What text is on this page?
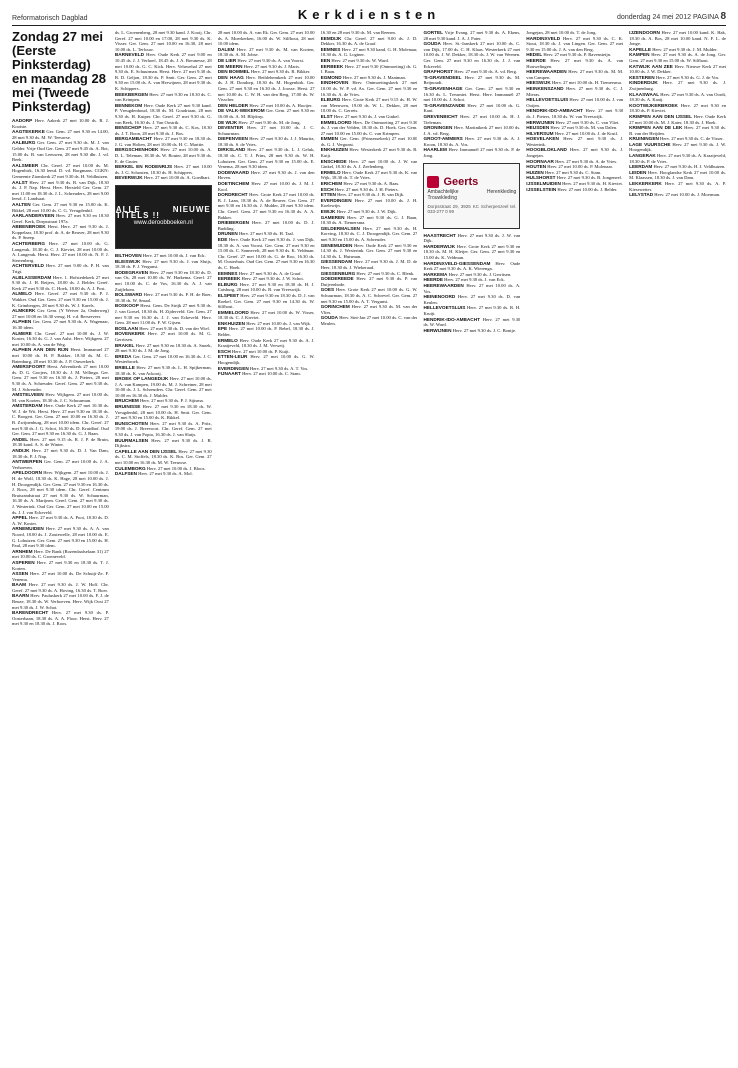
Reformatorisch Dagblad	Kerkdiensten	donderdag 24 mei 2012 PAGINA 8
Zondag 27 mei (Eerste Pinksterdag) en maandag 28 mei (Tweede Pinksterdag)

AADORP Herv. Aakerk 27 mei 10.00 ds. R. J. Kooiste.

AAGTEKERKE Ger. Gem. 27 mei 9.30 en 14.00, 28 mei 9.30 ds. M. W. Teeuwse.

AALBURG Ger. Gem. 27 mei 9.30 ds. M. J. van Gelder. Vrije Oud Ger. Gem. 27 mei 9.45 ds. A. Bot, 15.00 ds. B. van Leeuwen, 28 mei 9.30 dhr. J. vd. Beek.

AALSMEER Chr. Geref. 27 mei 10.00 ds. M. Hogenbirk, 16.30 leesd. D. vd. Borgmans. CGKN: Gemeente Zionskerk 27 mei 9.30 ds. H. Veldhuizen.

AALST Herv. 27 mei 9.30 ds. B. van Dijk, 18.30 ds. J. P. Nap. Herst. Herv. Hersteld Ger. Gem. 27 mei 11.00 en 18.30 ds. J. L. Schreuders, 28 mei 9.00 leesd. J. Landsaat.

AALTEN Ger. Gem. 27 mei 9.30 en 15.00 ds. K. Bikkel, 28 mei 10.00 ds. C. G. Vreugdenhil.

AARLANDERVEEN Herv. 27 mei 9.30 en 18.30 Geref. Kerk, Dorpsstraat 197a.

ABBENBROEK Herst. Herv. 27 mei 9.30 ds. J. Koppelaar, 18.30 prof. dr. A. de Reuver, 28 mei 9.30 ds. P. Sneep.

ACHTERBERG Herv. 27 mei 10.00 ds. G. Langerak, 18.30 dr. C. J. Kieviet, 28 mei 10.00 ds. A. Langerak. Herst. Herv. 27 mei 10.00 ds. N. F. J. Sterrenberg.

ACHTERVELD Herv. 27 mei 9.00 ds. P. H. van Trigt.

ALBLASSERDAM Herv. 1. Hofstedekerk 27 mei 9.30 ds. J. H. Reijers, 18.00 ds. J. Belder. Geref. Kerk 27 mei 9.30 ds. C. Hoek, 18.00 ds. A. J. Post.

ALMELO Herv. Geref. 27 mei 9.30 ds. P. J. Wakker. Oud Ger. Gem. 27 mei 9.30 en 15.00 ds. J. K. Grimbergen, 28 mei 9.30 ds. W. J. Karels.

ALMKERK Ger. Gem. (Y Wetver 2a, Onderweg) 27 mei 10.00 en 16.30 vreug. H. v.d. Berserveer.

ALPHEN Ger. Gem. 27 mei 9.30 ds. A. Wagenaar, 16.30 idem.

ALMERE Chr. Geref. 27 mei 10.00 ds. J. W. Koster, 16.30 ds. G. J. van Aalst. Herv. Wijkgem. 27 mei 10.00 ds. A. van de Weg.

ALPHEN AAN DEN RIJN Herst. Immanuel 27 mei 10.00 ds. H. P. Bakker, 18.30 ds. M. C. Batenburg, 28 mei 10.30 ds. J. P. Ouwerkerk.

AMERSFOORT Herst. Adventkerk 27 mei 10.00 ds. D. G. Goojers, 18.30 ds. J. M. Vellinga. Ger. Gem. 27 mei 9.30 en 16.30 ds. J. Pieters, 28 mei 9.30 ds. A. Schreuder. Geref. Gem. 27 mei 9.30 ds. M. J. Schreuder.

AMSTELVEEN Herv. Wijkgem. 27 mei 10.00 ds. M. van Kooten, 18.30 ds. J. C. Schuurman.

AMSTERDAM Herv. Oude Kerk 27 mei 10.30 ds. W. J. de Wit. Herst. Herv. 27 mei 9.30 en 18.30 ds. C. Boogert. Ger. Gem. 27 mei 10.00 en 16.30 ds. J. B. Zwijnenburg, 28 mei 10.00 idem. Chr. Geref. 27 mei 9.30 ds. J. G. Schot, 16.30 ds. D. Kruidhof. Oud Ger. Gem. 27 mei 9.30 en 16.30 ds. G. J. Baan.

ANDEL Herv. 27 mei 9.15 ds. R. J. P. de Bruin, 18.30 kand. A. S. de Winter.

ANDIJK Herv. 27 mei 9.30 ds. D. J. Van Dam, 18.30 ds. P. J. Nap.

ANTWERPEN Ger. Gem. 27 mei 10.00 ds. J. A. Verhoeven.

APELDOORN Herv. Wijkgem. 27 mei 10.00 ds. J. H. de Wolf, 18.30 ds. K. Hage, 28 mei 10.00 ds. J. H. Droogendijk. Ger. Gem. 27 mei 9.30 en 16.30 ds. J. Roos, 28 mei 9.30 idem. Chr. Geref. Centrum Bruisrandstraat 27 mei 9.30 ds. W. Schuurman, 16.30 ds. A. Marijnen. Geref. Gem. 27 mei 9.30 ds. J. Westerink. Oud Ger. Gem. 27 mei 10.00 en 15.00 ds. J. J. van Eckeveld.

APPEL Herv. 27 mei 9.30 ds. A. Poot, 18.30 ds. D. A. W. Koster.

ARNEMUIDEN Herv. 27 mei 9.30 ds. A. A. van Noord, 18.00 ds. J. Zoutewelle, 28 mei 10.00 ds. E. G. Lohuizen. Ger. Gem. 27 mei 9.30 en 15.00 ds. H. Paul, 28 mei 9.30 idem.

ARNHEM Herv. De Rank (Rozendaalselaan 31) 27 mei 10.00 ds. C. Groeneveld.

ASPEREN Herv. 27 mei 9.30 en 18.30 ds. T. J. Korten.

ASSEN Herv. 27 mei 10.00 ds. De Schuijt-Ze. F. Venema.

BAAM Herv. 27 mei 9.30 ds. J. W. Hoff. Chr. Geref. 27 mei 9.30 ds. A. Hoving, 16.30 ds. T. Boer.

BAARN Herv. Pauluskerk 27 mei 10.00 ds. F. J. de Beuze, 18.30 ds. W. Verhoeven. Herv. Wijk Oost 27 mei 9.30 ds. J. W. Schot.

BARENDRECHT Herv. 27 mei 9.30 ds. P. Oosterbaan, 18.30 ds. A. A. Floor. Herst. Herv. 27 mei 9.30 en 18.30 ds. J. Roos.

ds. L. Groenenberg, 28 mei 9.30 kand. J. Kooij. Chr. Geref. 27 mei 10.00 en 17.00, 28 mei 9.30 ds. K. Visser. Ger. Gem. 27 mei 10.00 en 16.30, 28 mei 10.00 ds. L. Terlouw.

BARNEVELD Herv. Oude Kerk 27 mei 9.00 en 10.45 ds. J. J. Verhoef, 18.45 ds. J. A. Breunesse, 28 mei 10.00 ds. G. C. Kick. Herv. Veluwehal 27 mei 9.30 ds. E. Schuurman. Herst. Herv. 27 mei 9.30 ds. B. D. Geljon, 18.30 ds. P. Smit. Ger. Gem. 27 mei 9.30 en 15.00 ds. A. van Herwijnen, 28 mei 9.30 ds. K. Schippers.

BEEKBERGEN Herv. 27 mei 9.30 en 18.30 ds. C. van Krimpen.

BENNEKOM Herv. Oude Kerk 27 mei 9.30 kand. P. Vreugdenhoud, 18.30 ds. M. Goudriaan, 28 mei 9.30 ds. H. Kuiper. Chr. Geref. 27 mei 9.30 ds. G. van Beek, 16.30 ds. J. Van Oostrik.

BENSCHOP Herv. 27 mei 9.30 ds. C. Kos, 18.30 ds. J. T. Boon, 28 mei 9.30 ds. J. Bos.

BERGAMBACHT Herv. 27 mei 9.30 en 18.30 ds. J. G. van Holten, 28 mei 10.00 ds. H. C. Marttie.

BERGSCHENHOEK Herv. 27 mei 10.00 ds. A. D. L. Teleman, 18.30 ds. W. Bouter, 28 mei 9.30 ds. E. de Gruter.

BERKEL EN RODENRIJS Herv. 27 mei 10.00 ds. J. G. Schouten, 18.30 ds. H. Schippers.

BEVERWIJK Herv. 27 mei 10.00 ds. A. Goedhart.

ALLE NIEUWE TITELS !!
www.deroobboeken.nl

BILTHOVEN Herv. 27 mei 10.00 ds. J. van Eck.

BLEISWIJK Herv. 27 mei 9.30 ds. J. van Sluijs, 18.30 ds. P. J. Vergunst.

BODEGRAVEN Herv. 27 mei 9.30 en 18.30 ds. D. van Os, 28 mei 10.00 ds. W. Harkema. Geref. 27 mei 10.00 ds. C. de Vos, 16.30 ds. A. J. van Zuijlekom.

BOLSWARD Herv. 27 mei 9.30 ds. P. H. de Boer, 18.30 ds. W. Smaal.

BOSKOOP Herst. Gem. De Strijk 27 mei 9.30 ds. J. van Gorsel, 18.30 ds. H. Zijderveld. Ger. Gem. 27 mei 9.30 en 16.30 ds. J. J. van Eckeveld. Herv. Gem. 28 mei 11.00 ds. F. W. Gijsen.

BOSLAAN Herv. 27 mei 9.30 ds. D. van der Wiel.

BOVENKERK Herv. 27 mei 10.00 ds. M. G. Gerritsen.

BRAKEL Herv. 27 mei 9.30 en 18.30 ds. A. Snoek, 28 mei 9.30 ds. J. M. de Jong.

BREDA Ger. Gem. 27 mei 10.00 en 16.30 ds. J. C. Westerbroek.

BRIELLE Herv. 27 mei 9.30 ds. L. H. Spijkerman, 18.30 ds. K. van Ackooij.

BROEK OP LANGEDIJK Herv. 27 mei 10.00 ds. J. A. van Kampen, 19.00 ds. M. J. Schreiner, 28 mei 10.00 ds. J. L. Schreuders. Chr. Geref. Gem. 27 mei 10.00 en 16.30 ds. J. Mulder.

BRUCHEM Herv. 27 mei 9.30 ds. P. J. Sijtsma.

BRUINISSE Herv. 27 mei 9.30 en 18.30 ds. W. Vreugdenhil, 28 mei 10.00 ds. H. Smit. Ger. Gem. 27 mei 9.30 en 15.00 ds. K. Bikkel.

BUNSCHOTEN Herv. 27 mei 9.30 ds. A. Pritz, 19.00 ds. J. Breevoort. Chr. Geref. Gem. 27 mei 9.30 ds. J. van Popta, 16.30 ds. J. van Sluijs.

BUURMALSEN Herv. 27 mei 9.30 ds. J. B. Dijkstra.

CAPELLE AAN DEN IJSSEL Herv. 27 mei 9.30 ds. C. M. Stoffels, 18.30 ds. K. Bos. Ger. Gem. 27 mei 10.00 en 16.30 ds. M. W. Teeuwse.

CULEMBORG Herv. 27 mei 10.00 ds. J. Bloos.

DALFSEN Herv. 27 mei 9.30 ds. A. Mol.

28 mei 10.00 ds. A. van Ek. Ger. Gem. 27 mei 10.00 ds. A. Moerkerken, 16.00 ds. W. Silfhout, 28 mei 10.00 idem.

DALEM Herv. 27 mei 9.30 ds. M. van Kooten, 18.30 ds. A. M. Jobse.

DE LIER Herv. 27 mei 9.30 ds. A. van Voorst.

DE MEERN Herv. 27 mei 9.30 ds. J. Maris.

DEN BOMMEL Herv. 27 mei 9.30 ds. R. Bikker.

DEN HAAG Herv. Bethlehemkerk 27 mei 10.00 ds. J. H. Dondorp, 18.30 ds. M. Hogenbirk. Ger. Gem. 27 mei 9.30 en 16.30 ds. J. Joosse. Herst. 27 mei 10.00 ds. C. W. H. van den Berg, 17.00 ds. W. Visscher.

DEN HELDER Herv. 27 mei 10.00 ds. A. Hooijer.

DE VALK-WEKEROM Ger. Gem. 27 mei 9.30 en 16.00 ds. A. M. Blijdorp.

DE WIJK Herv. 27 mei 9.30 ds. M. de Jong.

DEVENTER Herv. 27 mei 10.00 ds. J. C. Schuurman.

DIEPENVEEN Herv. 27 mei 9.30 ds. J. J. Mauritz, 18.30 ds. S. de Vries.

DIRKSLAND Herv. 27 mei 9.30 ds. L. J. Geluk, 18.30 ds. C. T. J. Prins, 28 mei 9.30 ds. W. H. Lohuizen. Ger. Gem. 27 mei 9.30 en 15.00 ds. E. Venema, 28 mei 9.30 idem.

DODEWAARD Herv. 27 mei 9.30 ds. J. van den Hoven.

DOETINCHEM Herv. 27 mei 10.00 ds. J. M. J. Kool.

DORDRECHT Herv. Grote Kerk 27 mei 10.00 ds. B. J. Laan, 18.30 ds. A. de Reuver. Ger. Gem. 27 mei 9.30 en 16.30 ds. J. Mulder, 28 mei 9.30 idem. Chr. Geref. Gem. 27 mei 9.30 en 16.30 ds. A. A. Bakker.

DRIEBERGEN Herv. 27 mei 10.00 ds. D. J. Budding.

DRUNEN Herv. 27 mei 9.30 ds. H. Taal.

EDE Herv. Oude Kerk 27 mei 9.30 ds. J. van Dijk, 18.30 ds. A. van Voorst. Ger. Gem. 27 mei 9.30 en 15.00 ds. C. Sonnevelt, 28 mei 9.30 ds. K. Veldman. Chr. Geref. 27 mei 10.00 ds. G. de Roo, 16.30 ds. M. Oosterhuis. Oud Ger. Gem. 27 mei 9.30 en 16.30 ds. C. Hoek.

EEMNES Herv. 27 mei 9.30 ds. A. de Graaf.

EERBEEK Herv. 27 mei 9.30 ds. J. W. Schot.

ELBURG Herv. 27 mei 9.30 en 18.30 ds. H. J. Catsburg, 28 mei 10.00 ds. B. van Vreeswijk.

ELSPEET Herv. 27 mei 9.30 en 18.30 ds. D. J. van Roekel. Ger. Gem. 27 mei 9.30 en 14.30 ds. W. Silfhout.

EMMELOORD Herv. 27 mei 10.00 ds. W. Visser, 18.30 ds. C. J. Kieviet.

ENKHUIZEN Herv. 27 mei 10.00 ds. J. van Wijk.

EPE Herv. 27 mei 10.00 ds. P. Rebel, 18.30 ds. J. Belder.

ERMELO Herv. Oude Kerk 27 mei 9.30 ds. A. J. Kraaijeveld, 18.30 ds. J. M. Verweij.

ESCH Herv. 27 mei 10.00 ds. P. Kuijt.

ETTEN-LEUR Herv. 27 mei 10.00 ds. G. W. Hoogendijk.

EVERDINGEN Herv. 27 mei 9.30 ds. A. T. Vos.

FIJNAART Herv. 27 mei 10.00 ds. C. Stam.

16.30 en 28 mei 9.30 ds. M. van Reenen.

EEMDIJK Chr. Geref. 27 mei 9.00 ds. J. D. Dekker, 16.30 ds. A. de Graaf.

EEMNES Herv. 27 mei 9.30 kand. G. H. Molenaar, 18.30 ds. A. G. Logtner.

EEN Herv. 27 mei 9.30 ds. W. Ward.

EERBEEK Herv. 27 mei 9.30 (Ontmoeting) ds. G. J. Baan.

EGMOND Herv. 27 mei 9.30 ds. J. Maatman.

EINDHOVEN Herv. Ontmoetingskerk 27 mei 10.00 ds. W. P. vd. Ax. Ger. Gem. 27 mei 9.30 en 16.30 ds. A. de Vries.

ELBURG Herv. Grote Kerk 27 mei 9.15 ds. H. W. van Meeuwen, 19.00 ds. W. L. Dekker, 28 mei 10.00 ds. C. Gerrets.

ELST Herv. 27 mei 9.30 ds. J. van Ginkel.

EMMELOORD Herv. De Ontmoeting 27 mei 9.30 ds. J. van der Velden, 18.30 ds. D. Hoek. Ger. Gem. 27 mei 10.00 en 15.00 ds. C. van Krimpen.

EMMEN Ger. Gem. (Prinsessekerk) 27 mei 10.00 ds. G. J. Vergunst.

ENKHUIZEN Herv. Westerkerk 27 mei 9.30 ds. R. Kuijt.

ENSCHEDE Herv. 27 mei 10.00 ds. J. W. van Ginkel, 18.30 ds. A. J. Zeelenberg.

ERMELO Herv. Oude Kerk 27 mei 9.30 ds. K. van Wijk, 18.30 ds. T. de Vries.

ERICHEM Herv. 27 mei 9.30 ds. A. Baas.

ESCH Herv. 27 mei 9.30 ds. J. H. Pieters.

ETTEN Herv. 27 mei 9.30 ds. J. B. van Dijk.

EVERDINGEN Herv. 27 mei 10.00 ds. J. H. Koelewijn.

EWIJK Herv. 27 mei 9.30 ds. J. W. Dijk.

GAMEREN Herv. 27 mei 9.30 ds. G. J. Baan, 18.30 ds. A. Tiemersma.

GELDERMALSEN Herv. 27 mei 9.30 ds. H. Korving, 18.30 ds. C. J. Droogendijk. Ger. Gem. 27 mei 9.30 en 15.00 ds. A. Schreuder.

GENEMUIDEN Herv. Oude Kerk 27 mei 9.30 en 14.30 ds. J. Westerink. Ger. Gem. 27 mei 9.30 en 14.30 ds. L. Huisman.

GIESSENDAM Herv. 27 mei 9.30 ds. J. M. D. de Heer, 18.30 ds. J. Wiekeraad.

GIESSENBURG Herv. 27 mei 9.30 ds. C. Blenk.

GOEDEREEDE Herv. 27 mei 9.30 ds. P. van Duijvenbode.

GOES Herv. Grote Kerk 27 mei 10.00 ds. G. W. Schuurman, 18.30 ds. A. C. Schrevel. Ger. Gem. 27 mei 9.30 en 15.00 ds. A. T. Vergunst.

GORINCHEM Herv. 27 mei 9.30 ds. M. van der Vlies.

GOUDA Herv. Sint-Jan 27 mei 10.00 ds. C. van der Meulen.

GORTEL Vrije Evang. 27 mei 9.30 ds. A. Ekens, 28 mei 9.30 kand. J. A. J. Pater.

GOUDA Herv. St.-Janskerk 27 mei 10.00 ds. C. van Dijk, 17.00 ds. C. H. Klaas. Westerkerk 27 mei 10.00 ds. J. W. Dekker, 18.30 ds. J. W. van Weenen. Ger. Gem. 27 mei 9.30 en 16.30 ds. J. J. van Eckeveld.

GRAFHORST Herv. 27 mei 9.30 ds. A. vd. Berg.

'S-GRAVENDEEL Herv. 27 mei 9.30 ds. M. Reijnoudt.

'S-GRAVENHAGE Ger. Gem. 27 mei 9.30 en 16.30 ds. L. Treurniet. Herst. Herv. Immanuël 27 mei 10.00 ds. J. Schot.

'S-GRAVENZANDE Herv. 27 mei 10.00 ds. G. Kant.

GREVENBICHT Herv. 27 mei 10.00 ds. H. J. Tieleman.

GRONINGEN Herv. Martinikerk 27 mei 10.00 ds. J. A. vd. Berg.

GROOT-AMMERS Herv. 27 mei 9.30 ds. A. J. Kroon, 18.30 ds. A. Vos.

HAARLEM Herv. Immanuël 27 mei 9.30 ds. P. de Jong.

Geerts
Ambachtelijke Herenkleding Trouwkleding
Dorpsstraat 29, 3925 KC Scherpenzeel tel. 033-277 0 99

HAASTRECHT Herv. 27 mei 9.30 ds. J. W. van Dijk.

HARDERWIJK Herv. Grote Kerk 27 mei 9.30 en 18.30 ds. M. H. Kleijer. Ger. Gem. 27 mei 9.30 en 15.00 ds. K. Veldman.

HARDINXVELD-GIESSENDAM Herv. Oude Kerk 27 mei 9.30 ds. A. K. Wierenga.

HARKEMA Herv. 27 mei 9.30 ds. J. Gerritsen.

HEERDE Herv. 27 mei 9.30 ds. J. van Eck.

HEEREWAARDEN Herv. 27 mei 10.00 ds. A. Vos.

HEINENOORD Herv. 27 mei 9.30 ds. D. van Keulen.

HELLEVOETSLUIS Herv. 27 mei 9.30 ds. R. H. Kruijt.

HENDRIK-IDO-AMBACHT Herv. 27 mei 9.30 ds. W. Ward.

HERWIJNEN Herv. 27 mei 9.30 ds. J. C. Bontje.

Jongejan, 28 mei 10.00 ds. T. de Jong.

HARDINXVELD Herv. 27 mei 9.30 ds. C. K. Stout, 18.30 ds. J. van Lingen. Ger. Gem. 27 mei 9.30 en 15.00 ds. J. A. van den Berg.

HEDEL Herv. 27 mei 9.30 ds. P. Ravensteijn.

HEERDE Herv. 27 mei 9.30 ds. A. van Houwelingen.

HEEREWAARDEN Herv. 27 mei 9.30 ds. M. M. van Campen.

HEESWIJK Herv. 27 mei 10.00 ds. H. Tiemersma.

HEINKENSZAND Herv. 27 mei 9.30 ds. C. J. Mieras.

HELLEVOETSLUIS Herv. 27 mei 10.00 ds. J. van Ooijen.

HENDRIK-IDO-AMBACHT Herv. 27 mei 9.30 ds. J. Pieters, 18.30 ds. W. van Vreeswijk.

HERWIJNEN Herv. 27 mei 9.30 ds. C. van Vliet.

HEUSDEN Herv. 27 mei 9.30 ds. M. van Dalen.

HILVERSUM Herv. 27 mei 10.00 ds. J. de Kruif.

HOEVELAKEN Herv. 27 mei 9.30 ds. J. Westerink.

HOOGBLOKLAND Herv. 27 mei 9.30 ds. J. Jongejan.

HOORNAAR Herv. 27 mei 9.30 ds. A. de Vries.

HOUTEN Herv. 27 mei 10.00 ds. P. Molenaar.

HUIZEN Herv. 27 mei 9.30 ds. C. Stam.

HULSHORST Herv. 27 mei 9.30 ds. B. Jongeneel.

IJSSELMUIDEN Herv. 27 mei 9.30 ds. H. Kieviet.

IJSSELSTEIN Herv. 27 mei 10.00 ds. J. Belder.

IJZENDOORN Herv. 27 mei 10.00 kand. K. Hak, 18.30 ds. A. Bos, 28 mei 10.00 kand. N. F. L. de Jonge.

KAPELLE Herv. 27 mei 9.30 ds. J. M. Mulder.

KAMPEN Herv. 27 mei 9.30 ds. A. de Jong. Ger. Gem. 27 mei 9.30 en 15.00 ds. W. Silfhout.

KATWIJK AAN ZEE Herv. Nieuwe Kerk 27 mei 10.00 ds. J. W. Dekker.

KESTEREN Herv. 27 mei 9.30 ds. G. J. de Vos.

KINDERDIJK Herv. 27 mei 9.30 ds. J. Zwijnenburg.

KLAASWAAL Herv. 27 mei 9.30 ds. A. van Oordt, 18.30 ds. A. Kaaij.

KOOTWIJKERBROEK Herv. 27 mei 9.30 en 18.30 ds. P. Kieviet.

KRIMPEN AAN DEN IJSSEL Herv. Oude Kerk 27 mei 10.00 ds. M. J. Kater, 18.30 ds. J. Hoek.

KRIMPEN AAN DE LEK Herv. 27 mei 9.30 ds. B. van der Heijden.

KRUININGEN Herv. 27 mei 9.30 ds. C. de Visser.

LAGE VUURSCHE Herv. 27 mei 9.30 ds. J. W. Hoogendijk.

LANGERAK Herv. 27 mei 9.30 ds. A. Kraaijeveld, 18.30 ds. P. de Vries.

LEERDAM Herv. 27 mei 9.30 ds. H. J. Veldhuizen.

LEIDEN Herv. Hooglandse Kerk 27 mei 10.00 ds. M. Klaassen, 18.30 ds. J. van Dam.

LEKKERKERK Herv. 27 mei 9.30 ds. A. P. Kiesewetter.

LELYSTAD Herv. 27 mei 10.00 ds. J. Moerman.
